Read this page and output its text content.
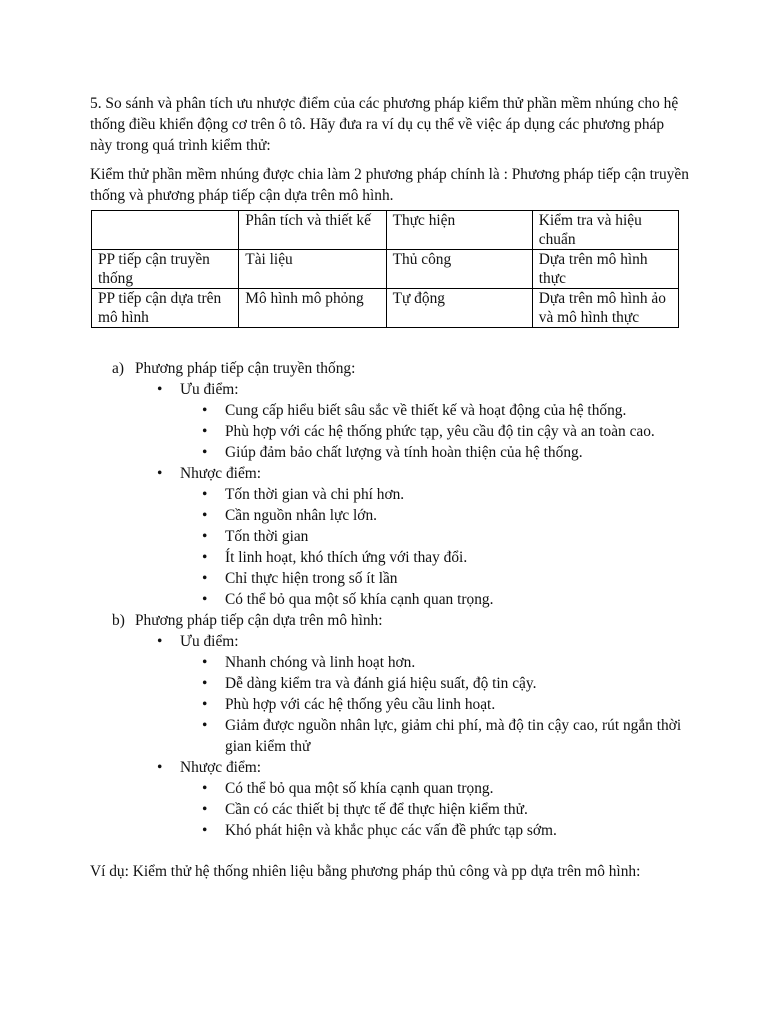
5. So sánh và phân tích ưu nhược điểm của các phương pháp kiểm thử phần mềm nhúng cho hệ thống điều khiển động cơ trên ô tô. Hãy đưa ra ví dụ cụ thể về việc áp dụng các phương pháp này trong quá trình kiểm thử:

Kiểm thử phần mềm nhúng được chia làm 2 phương pháp chính là : Phương pháp tiếp cận truyền thống và phương pháp tiếp cận dựa trên mô hình.

	Phân tích và thiết kế	Thực hiện	Kiểm tra và hiệu chuẩn
PP tiếp cận truyền thống	Tài liệu	Thủ công	Dựa trên mô hình thực
PP tiếp cận dựa trên mô hình	Mô hình mô phỏng	Tự động	Dựa trên mô hình ảo và mô hình thực
a) Phương pháp tiếp cận truyền thống:
• Ưu điểm:
• Cung cấp hiểu biết sâu sắc về thiết kế và hoạt động của hệ thống.
• Phù hợp với các hệ thống phức tạp, yêu cầu độ tin cậy và an toàn cao.
• Giúp đảm bảo chất lượng và tính hoàn thiện của hệ thống.
• Nhược điểm:
• Tốn thời gian và chi phí hơn.
• Cần nguồn nhân lực lớn.
• Tốn thời gian
• Ít linh hoạt, khó thích ứng với thay đổi.
• Chỉ thực hiện trong số ít lần
• Có thể bỏ qua một số khía cạnh quan trọng.
b) Phương pháp tiếp cận dựa trên mô hình:
• Ưu điểm:
• Nhanh chóng và linh hoạt hơn.
• Dễ dàng kiểm tra và đánh giá hiệu suất, độ tin cậy.
• Phù hợp với các hệ thống yêu cầu linh hoạt.
• Giảm được nguồn nhân lực, giảm chi phí, mà độ tin cậy cao, rút ngắn thời gian kiểm thử
• Nhược điểm:
• Có thể bỏ qua một số khía cạnh quan trọng.
• Cần có các thiết bị thực tế để thực hiện kiểm thử.
• Khó phát hiện và khắc phục các vấn đề phức tạp sớm.

Ví dụ: Kiểm thử hệ thống nhiên liệu bằng phương pháp thủ công và pp dựa trên mô hình:
